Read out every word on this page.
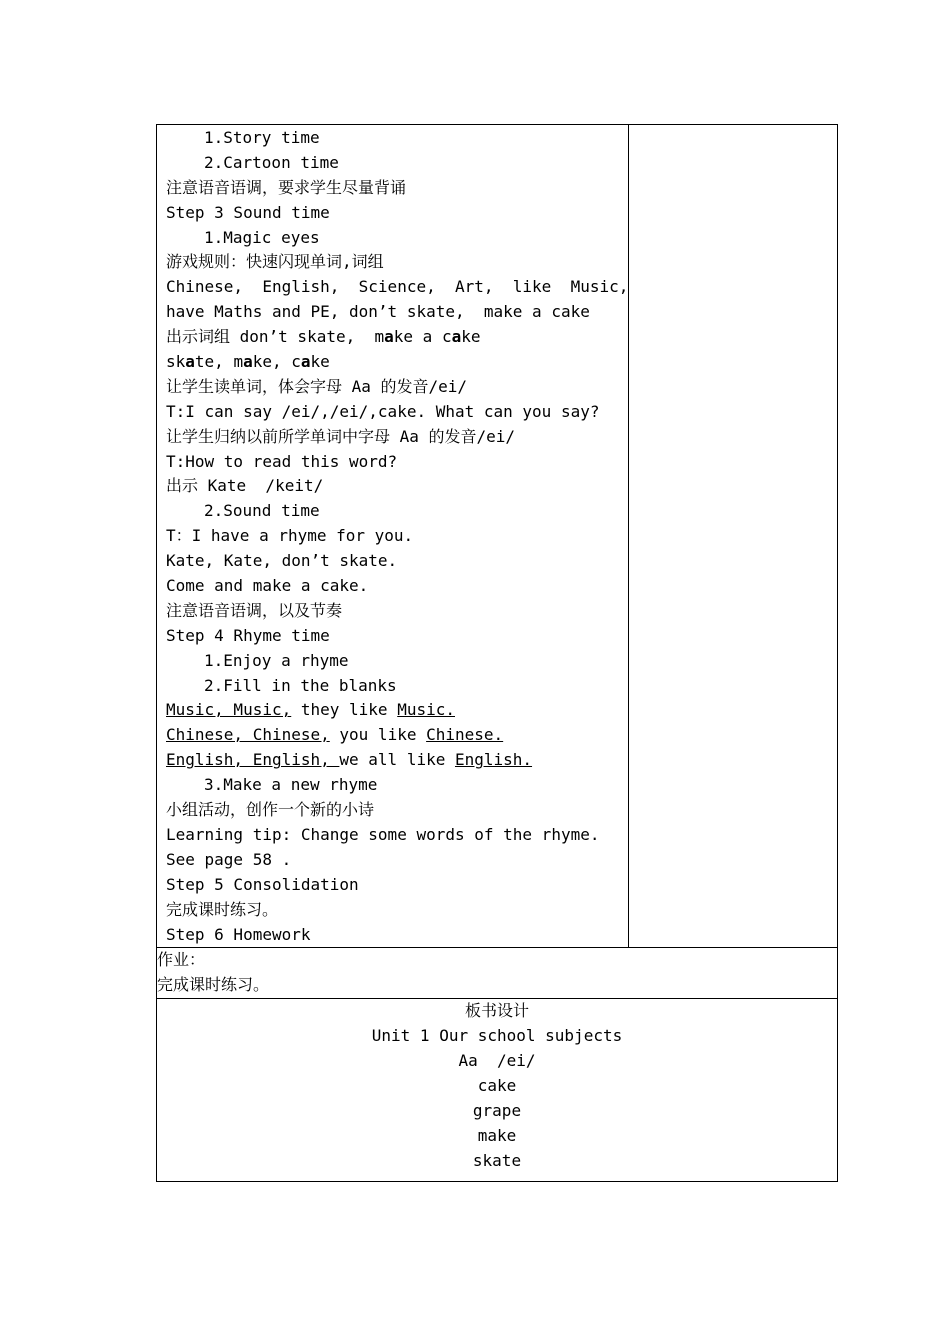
1.Story time
2.Cartoon time
注意语音语调，要求学生尽量背诵
Step 3 Sound time
1.Magic eyes
游戏规则：快速闪现单词,词组
Chinese,  English,  Science,  Art,  like  Music,
have Maths and PE, don’t skate,  make a cake
出示词组 don’t skate,  make a cake
skate, make, cake
让学生读单词，体会字母 Aa 的发音/ei/
T:I can say /ei/,/ei/,cake. What can you say?
让学生归纳以前所学单词中字母 Aa 的发音/ei/
T:How to read this word?
出示 Kate  /keit/
2.Sound time
T：I have a rhyme for you.
Kate, Kate, don’t skate.
Come and make a cake.
注意语音语调，以及节奏
Step 4 Rhyme time
1.Enjoy a rhyme
2.Fill in the blanks
Music, Music, they like Music.
Chinese, Chinese, you like Chinese.
English, English, we all like English.
3.Make a new rhyme
小组活动，创作一个新的小诗
Learning tip: Change some words of the rhyme.
See page 58 .
Step 5 Consolidation
完成课时练习。
Step 6 Homework

作业：
完成课时练习。

板书设计
Unit 1 Our school subjects
Aa  /ei/
cake
grape
make
skate
